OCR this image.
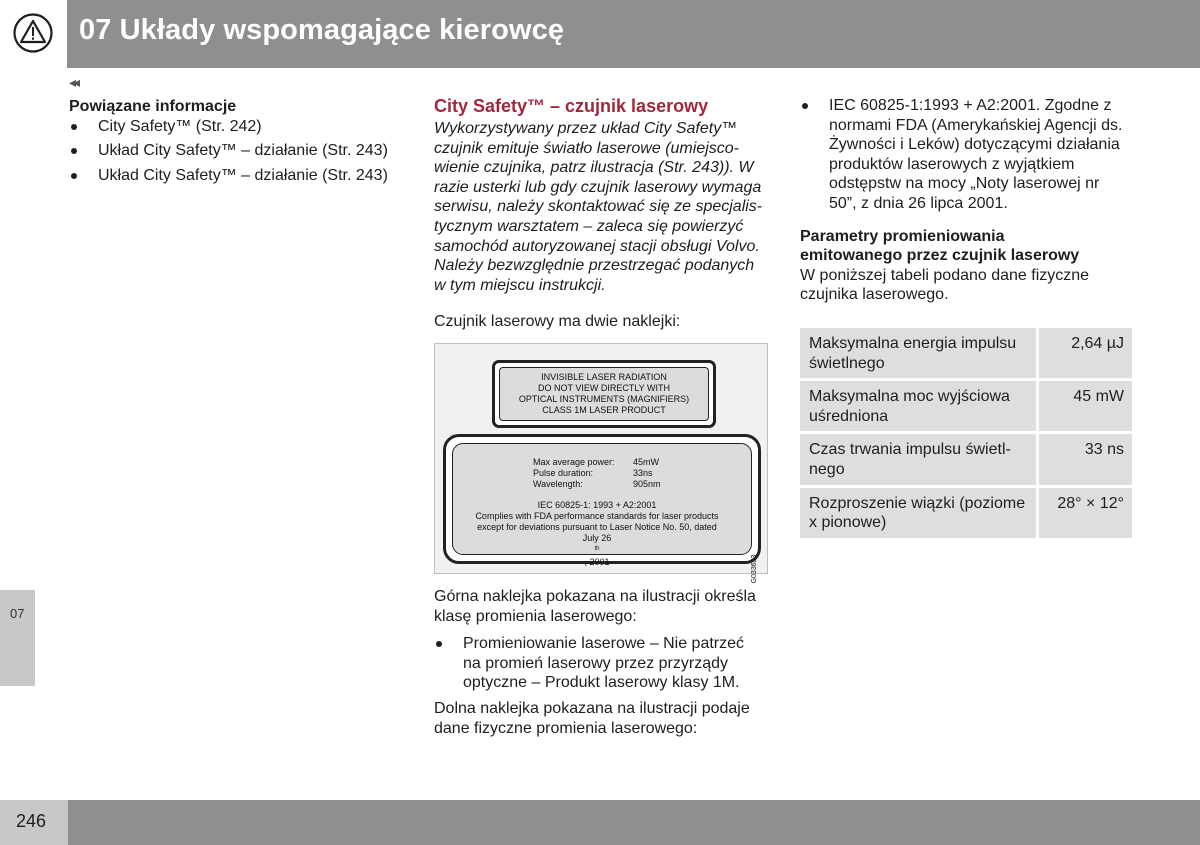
07 Układy wspomagające kierowcę
◂◂
07
246
Powiązane informacje
City Safety™ (Str. 242)
Układ City Safety™ – działanie (Str. 243)
Układ City Safety™ – działanie (Str. 243)
City Safety™ – czujnik laserowy

Wykorzystywany przez układ City Safety™
czujnik emituje światło laserowe (umiejsco-
wienie czujnika, patrz ilustracja (Str. 243)). W
razie usterki lub gdy czujnik laserowy wymaga
serwisu, należy skontaktować się ze specjalis-
tycznym warsztatem – zaleca się powierzyć
samochód autoryzowanej stacji obsługi Volvo.
Należy bezwzględnie przestrzegać podanych
w tym miejscu instrukcji.

Czujnik laserowy ma dwie naklejki:

INVISIBLE LASER RADIATION
DO NOT VIEW DIRECTLY WITH
OPTICAL INSTRUMENTS (MAGNIFIERS)
CLASS 1M LASER PRODUCT
Max average power:	45mW
Pulse duration:	33ns
Wavelength:	905nm
IEC 60825-1: 1993 + A2:2001
Complies with FDA performance standards for laser products
except for deviations pursuant to Laser Notice No. 50, dated
July 26
$^{th}$
, 2001	G033653

Górna naklejka pokazana na ilustracji określa
klasę promienia laserowego:

Promieniowanie laserowe – Nie patrzeć
na promień laserowy przez przyrządy
optyczne – Produkt laserowy klasy 1M.

Dolna naklejka pokazana na ilustracji podaje
dane fizyczne promienia laserowego:

IEC 60825-1:1993 + A2:2001. Zgodne z
normami FDA (Amerykańskiej Agencji ds.
Żywności i Leków) dotyczącymi działania
produktów laserowych z wyjątkiem
odstępstw na mocy „Noty laserowej nr
50”, z dnia 26 lipca 2001.
Parametry promieniowania
emitowanego przez czujnik laserowy

W poniższej tabeli podano dane fizyczne
czujnika laserowego.

Maksymalna energia impulsu
świetlnego	2,64 µJ
Maksymalna moc wyjściowa
uśredniona	45 mW
Czas trwania impulsu świetl-
nego	33 ns
Rozproszenie wiązki (poziome
x pionowe)	28° × 12°
